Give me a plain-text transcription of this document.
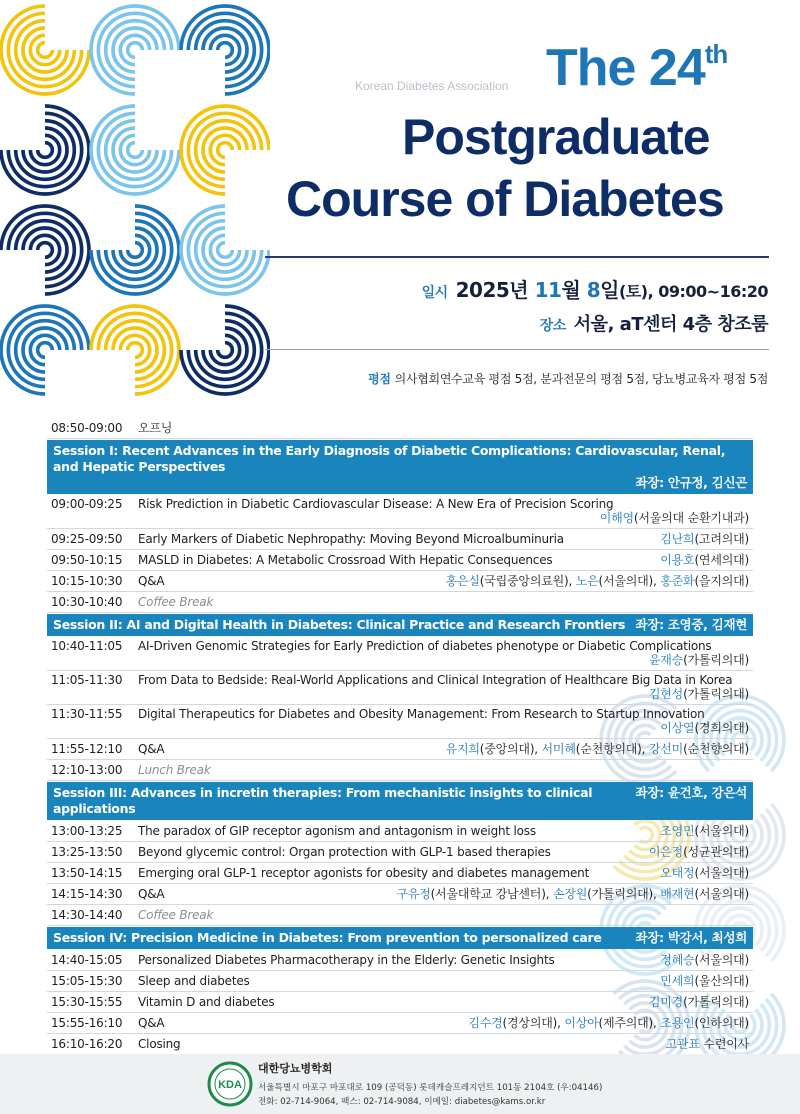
Korean Diabetes Association The 24th
Postgraduate
Course of Diabetes
일시 2025년 11월 8일(토), 09:00~16:20
장소 서울, aT센터 4층 창조룸
평점 의사협회연수교육 평점 5점, 분과전문의 평점 5점, 당뇨병교육자 평점 5점
08:50-09:00	오프닝
Session I: Recent Advances in the Early Diagnosis of Diabetic Complications: Cardiovascular, Renal, and Hepatic Perspectives
좌장: 안규정, 김신곤
09:00-09:25	Risk Prediction in Diabetic Cardiovascular Disease: A New Era of Precision Scoring
이해영(서울의대 순환기내과)
09:25-09:50	Early Markers of Diabetic Nephropathy: Moving Beyond Microalbuminuria	김난희(고려의대)
09:50-10:15	MASLD in Diabetes: A Metabolic Crossroad With Hepatic Consequences	이용호(연세의대)
10:15-10:30	Q&A	홍은실(국립중앙의료원), 노은(서울의대), 홍준화(을지의대)
10:30-10:40	Coffee Break
Session II: AI and Digital Health in Diabetes: Clinical Practice and Research Frontiers 좌장: 조영중, 김재현
10:40-11:05	AI-Driven Genomic Strategies for Early Prediction of diabetes phenotype or Diabetic Complications
윤재승(가톨릭의대)
11:05-11:30	From Data to Bedside: Real-World Applications and Clinical Integration of Healthcare Big Data in Korea
김현성(가톨릭의대)
11:30-11:55	Digital Therapeutics for Diabetes and Obesity Management: From Research to Startup Innovation
이상열(경희의대)
11:55-12:10	Q&A	유지희(중앙의대), 서미혜(순천향의대), 강선미(순천향의대)
12:10-13:00	Lunch Break
Session III: Advances in incretin therapies: From mechanistic insights to clinical applications
좌장: 윤건호, 강은석
13:00-13:25	The paradox of GIP receptor agonism and antagonism in weight loss	조영민(서울의대)
13:25-13:50	Beyond glycemic control: Organ protection with GLP-1 based therapies	이은정(성균관의대)
13:50-14:15	Emerging oral GLP-1 receptor agonists for obesity and diabetes management	오태정(서울의대)
14:15-14:30	Q&A	구유정(서울대학교 강남센터), 손장원(가톨릭의대), 배재현(서울의대)
14:30-14:40	Coffee Break
Session IV: Precision Medicine in Diabetes: From prevention to personalized care	좌장: 박강서, 최성희
14:40-15:05	Personalized Diabetes Pharmacotherapy in the Elderly: Genetic Insights	정혜승(서울의대)
15:05-15:30	Sleep and diabetes	민세희(울산의대)
15:30-15:55	Vitamin D and diabetes	김미경(가톨릭의대)
15:55-16:10	Q&A	김수경(경상의대), 이상아(제주의대), 조용인(인하의대)
16:10-16:20	Closing	고관표 수련이사
KDA
대한당뇨병학회
서울특별시 마포구 마포대로 109 (공덕동) 롯데캐슬프레지던트 101동 2104호 (우:04146)
전화: 02-714-9064, 팩스: 02-714-9084, 이메일: diabetes@kams.or.kr
